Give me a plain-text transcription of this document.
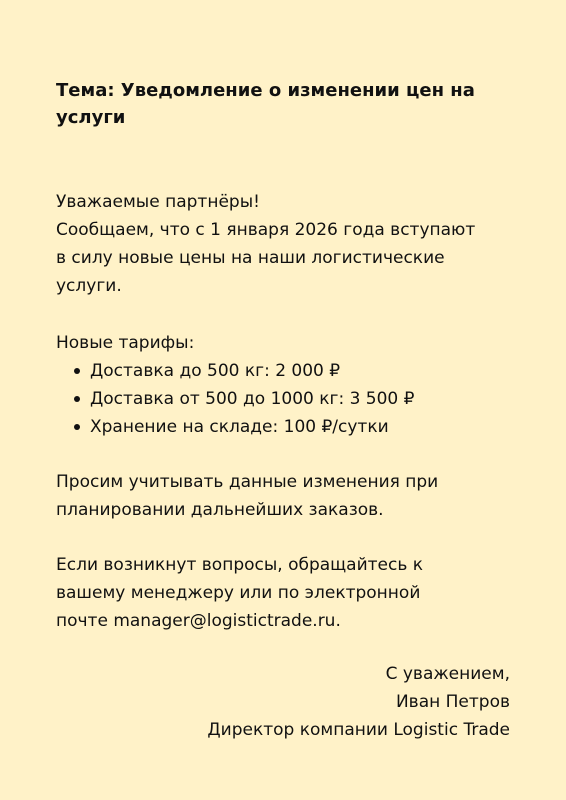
Тема: Уведомление о изменении цен на
услуги
Уважаемые партнёры!
Сообщаем, что с 1 января 2026 года вступают
в силу новые цены на наши логистические
услуги.
Новые тарифы:
Доставка до 500 кг: 2 000 ₽
Доставка от 500 до 1000 кг: 3 500 ₽
Хранение на складе: 100 ₽/сутки
Просим учитывать данные изменения при
планировании дальнейших заказов.
Если возникнут вопросы, обращайтесь к
вашему менеджеру или по электронной
почте manager@logistictrade.ru.
С уважением,
Иван Петров
Директор компании Logistic Trade
